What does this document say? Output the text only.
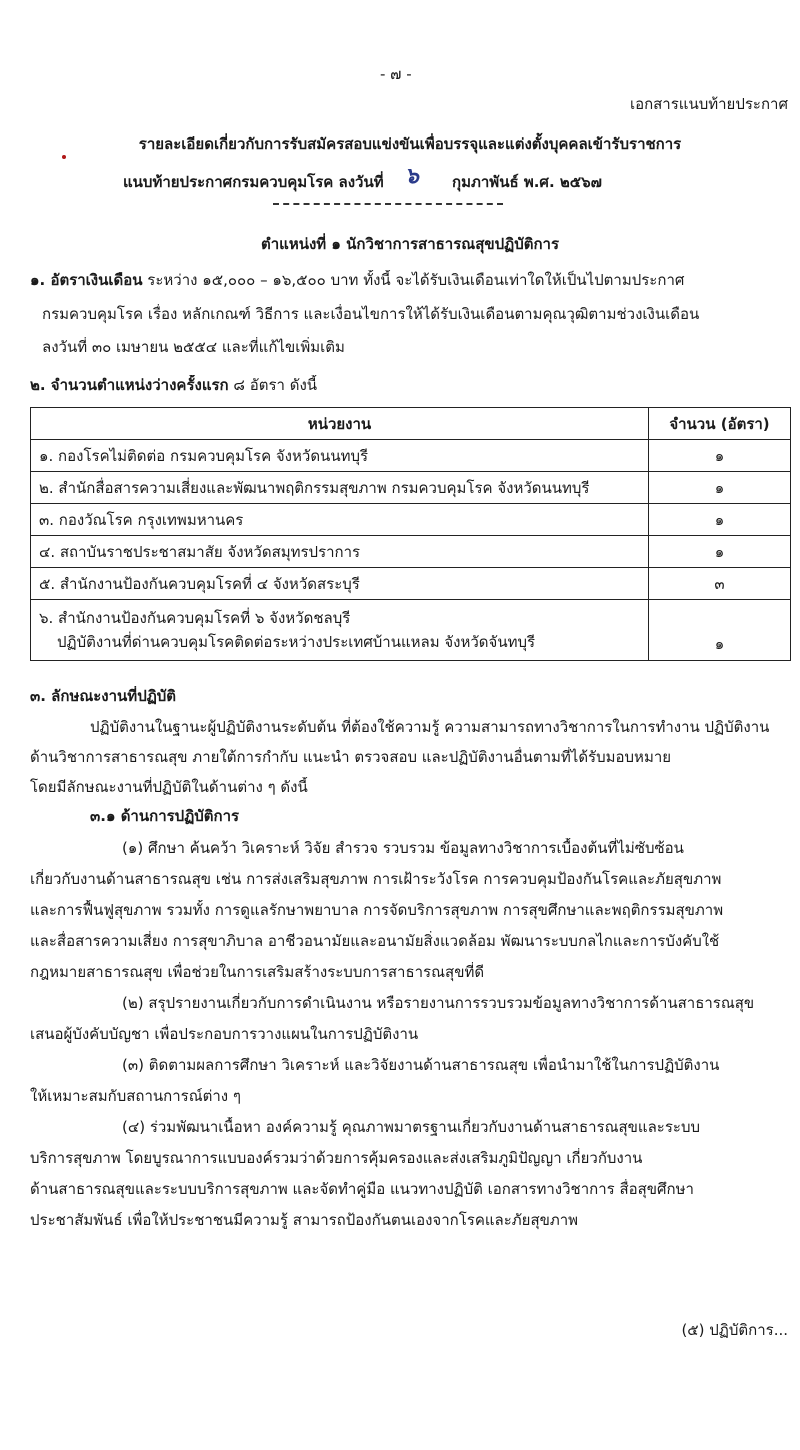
- ๗ -
เอกสารแนบท้ายประกาศ
รายละเอียดเกี่ยวกับการรับสมัครสอบแข่งขันเพื่อบรรจุและแต่งตั้งบุคคลเข้ารับราชการ
แนบท้ายประกาศกรมควบคุมโรค ลงวันที่ ๖ กุมภาพันธ์ พ.ศ. ๒๕๖๗
ตำแหน่งที่ ๑ นักวิชาการสาธารณสุขปฏิบัติการ
๑. อัตราเงินเดือน ระหว่าง ๑๕,๐๐๐ – ๑๖,๕๐๐ บาท ทั้งนี้ จะได้รับเงินเดือนเท่าใดให้เป็นไปตามประกาศ
กรมควบคุมโรค เรื่อง หลักเกณฑ์ วิธีการ และเงื่อนไขการให้ได้รับเงินเดือนตามคุณวุฒิตามช่วงเงินเดือน
ลงวันที่ ๓๐ เมษายน ๒๕๕๔ และที่แก้ไขเพิ่มเติม
๒. จำนวนตำแหน่งว่างครั้งแรก ๘ อัตรา ดังนี้
หน่วยงาน	จำนวน (อัตรา)
๑. กองโรคไม่ติดต่อ กรมควบคุมโรค จังหวัดนนทบุรี	๑
๒. สำนักสื่อสารความเสี่ยงและพัฒนาพฤติกรรมสุขภาพ กรมควบคุมโรค จังหวัดนนทบุรี	๑
๓. กองวัณโรค กรุงเทพมหานคร	๑
๔. สถาบันราชประชาสมาสัย จังหวัดสมุทรปราการ	๑
๕. สำนักงานป้องกันควบคุมโรคที่ ๔ จังหวัดสระบุรี	๓

๖. สำนักงานป้องกันควบคุมโรคที่ ๖ จังหวัดชลบุรี
ปฏิบัติงานที่ด่านควบคุมโรคติดต่อระหว่างประเทศบ้านแหลม จังหวัดจันทบุรี	๑
๓. ลักษณะงานที่ปฏิบัติ
ปฏิบัติงานในฐานะผู้ปฏิบัติงานระดับต้น ที่ต้องใช้ความรู้ ความสามารถทางวิชาการในการทำงาน ปฏิบัติงาน
ด้านวิชาการสาธารณสุข ภายใต้การกำกับ แนะนำ ตรวจสอบ และปฏิบัติงานอื่นตามที่ได้รับมอบหมาย
โดยมีลักษณะงานที่ปฏิบัติในด้านต่าง ๆ ดังนี้
๓.๑ ด้านการปฏิบัติการ
(๑) ศึกษา ค้นคว้า วิเคราะห์ วิจัย สำรวจ รวบรวม ข้อมูลทางวิชาการเบื้องต้นที่ไม่ซับซ้อน
เกี่ยวกับงานด้านสาธารณสุข เช่น การส่งเสริมสุขภาพ การเฝ้าระวังโรค การควบคุมป้องกันโรคและภัยสุขภาพ
และการฟื้นฟูสุขภาพ รวมทั้ง การดูแลรักษาพยาบาล การจัดบริการสุขภาพ การสุขศึกษาและพฤติกรรมสุขภาพ
และสื่อสารความเสี่ยง การสุขาภิบาล อาชีวอนามัยและอนามัยสิ่งแวดล้อม พัฒนาระบบกลไกและการบังคับใช้
กฎหมายสาธารณสุข เพื่อช่วยในการเสริมสร้างระบบการสาธารณสุขที่ดี
(๒) สรุปรายงานเกี่ยวกับการดำเนินงาน หรือรายงานการรวบรวมข้อมูลทางวิชาการด้านสาธารณสุข
เสนอผู้บังคับบัญชา เพื่อประกอบการวางแผนในการปฏิบัติงาน
(๓) ติดตามผลการศึกษา วิเคราะห์ และวิจัยงานด้านสาธารณสุข เพื่อนำมาใช้ในการปฏิบัติงาน
ให้เหมาะสมกับสถานการณ์ต่าง ๆ
(๔) ร่วมพัฒนาเนื้อหา องค์ความรู้ คุณภาพมาตรฐานเกี่ยวกับงานด้านสาธารณสุขและระบบ
บริการสุขภาพ โดยบูรณาการแบบองค์รวมว่าด้วยการคุ้มครองและส่งเสริมภูมิปัญญา เกี่ยวกับงาน
ด้านสาธารณสุขและระบบบริการสุขภาพ และจัดทำคู่มือ แนวทางปฏิบัติ เอกสารทางวิชาการ สื่อสุขศึกษา
ประชาสัมพันธ์ เพื่อให้ประชาชนมีความรู้ สามารถป้องกันตนเองจากโรคและภัยสุขภาพ
(๕) ปฏิบัติการ...
